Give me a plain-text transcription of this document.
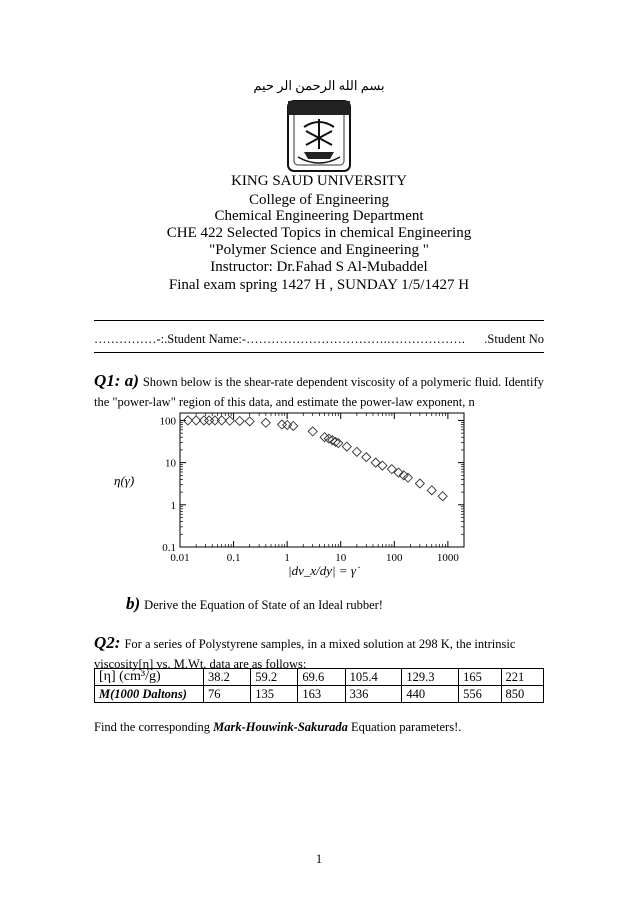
بسم الله الرحمن الر حيم
KING SAUD UNIVERSITY
College of Engineering
Chemical Engineering Department
CHE 422 Selected Topics in chemical Engineering
"Polymer Science and Engineering "
Instructor: Dr.Fahad S Al-Mubaddel
Final exam spring 1427 H , SUNDAY 1/5/1427 H
……………-:.Student Name:-…………………………….………………. .Student No
Q1: a) Shown below is the shear-rate dependent viscosity of a polymeric fluid. Identify the "power-law" region of this data, and estimate the power-law exponent, n
0.01	0.1	1	10	100	1000
0.1
1
10
100
η(γ̇)
|dv_x/dy| = γ̇
b) Derive the Equation of State of an Ideal rubber!
Q2: For a series of Polystyrene samples, in a mixed solution at 298 K, the intrinsic viscosity[η] vs. M.Wt. data are as follows:
[η] (cm³/g)	38.2	59.2	69.6	105.4	129.3	165	221
M(1000 Daltons)	76	135	163	336	440	556	850
Find the corresponding Mark-Houwink-Sakurada Equation parameters!.
1
